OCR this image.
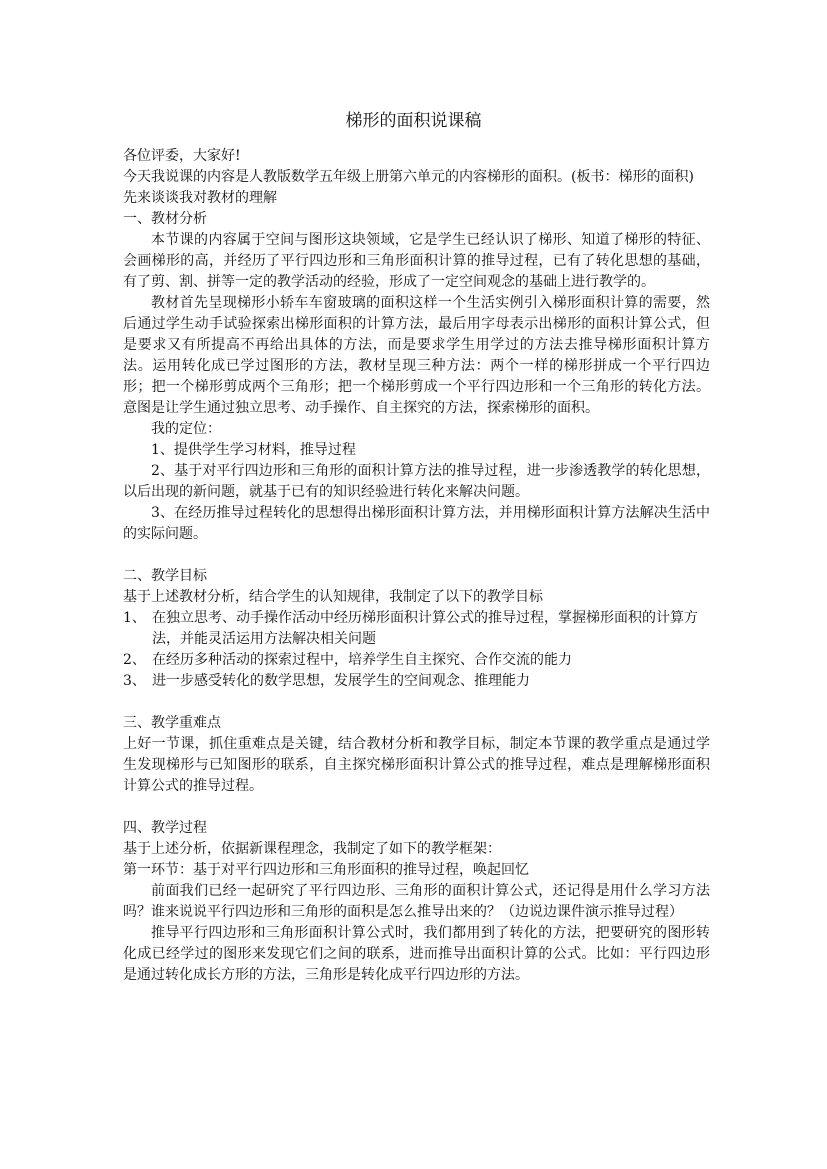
梯形的面积说课稿

各位评委，大家好!

今天我说课的内容是人教版数学五年级上册第六单元的内容梯形的面积。(板书：梯形的面积)

先来谈谈我对教材的理解

一、教材分析

本节课的内容属于空间与图形这块领域，它是学生已经认识了梯形、知道了梯形的特征、会画梯形的高，并经历了平行四边形和三角形面积计算的推导过程，已有了转化思想的基础，有了剪、割、拼等一定的教学活动的经验，形成了一定空间观念的基础上进行教学的。

教材首先呈现梯形小轿车车窗玻璃的面积这样一个生活实例引入梯形面积计算的需要，然后通过学生动手试验探索出梯形面积的计算方法，最后用字母表示出梯形的面积计算公式，但是要求又有所提高不再给出具体的方法，而是要求学生用学过的方法去推导梯形面积计算方法。运用转化成已学过图形的方法，教材呈现三种方法：两个一样的梯形拼成一个平行四边形；把一个梯形剪成两个三角形；把一个梯形剪成一个平行四边形和一个三角形的转化方法。意图是让学生通过独立思考、动手操作、自主探究的方法，探索梯形的面积。

我的定位：

1、提供学生学习材料，推导过程

2、基于对平行四边形和三角形的面积计算方法的推导过程，进一步渗透教学的转化思想，以后出现的新问题，就基于已有的知识经验进行转化来解决问题。

3、在经历推导过程转化的思想得出梯形面积计算方法，并用梯形面积计算方法解决生活中的实际问题。

二、教学目标

基于上述教材分析，结合学生的认知规律，我制定了以下的教学目标

1、 在独立思考、动手操作活动中经历梯形面积计算公式的推导过程，掌握梯形面积的计算方法，并能灵活运用方法解决相关问题
2、 在经历多种活动的探索过程中，培养学生自主探究、合作交流的能力
3、 进一步感受转化的数学思想，发展学生的空间观念、推理能力

三、教学重难点

上好一节课，抓住重难点是关键，结合教材分析和教学目标，制定本节课的教学重点是通过学生发现梯形与已知图形的联系，自主探究梯形面积计算公式的推导过程，难点是理解梯形面积计算公式的推导过程。

四、教学过程

基于上述分析，依据新课程理念，我制定了如下的教学框架：

第一环节：基于对平行四边形和三角形面积的推导过程，唤起回忆

前面我们已经一起研究了平行四边形、三角形的面积计算公式，还记得是用什么学习方法吗？谁来说说平行四边形和三角形的面积是怎么推导出来的？（边说边课件演示推导过程）

推导平行四边形和三角形面积计算公式时，我们都用到了转化的方法，把要研究的图形转化成已经学过的图形来发现它们之间的联系，进而推导出面积计算的公式。比如：平行四边形是通过转化成长方形的方法，三角形是转化成平行四边形的方法。
